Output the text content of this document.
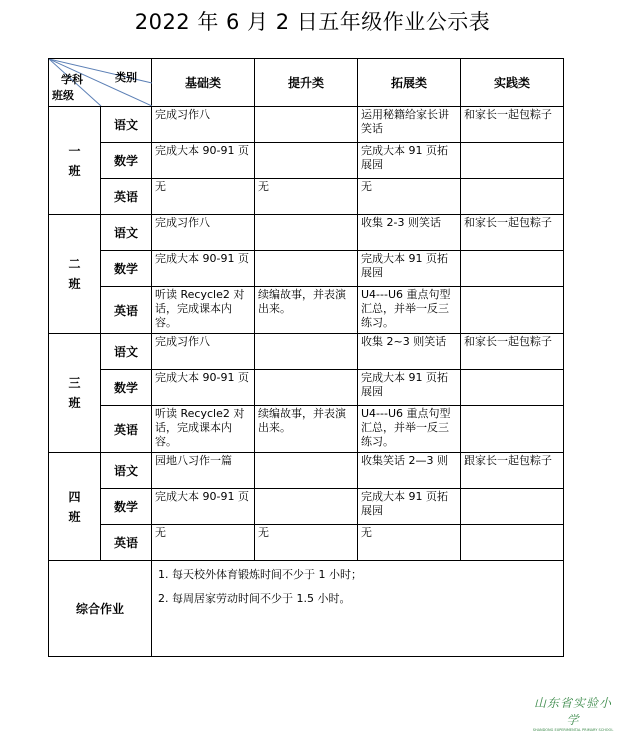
2022 年 6 月 2 日五年级作业公示表
学科 类别
班级		基础类	提升类	拓展类	实践类

一
班	语文	完成习作八		运用秘籍给家长讲笑话	和家长一起包粽子
	数学	完成大本 90-91 页		完成大本 91 页拓展园	
	英语	无	无	无	

二
班	语文	完成习作八		收集 2-3 则笑话	和家长一起包粽子
	数学	完成大本 90-91 页		完成大本 91 页拓展园	
	英语	听读 Recycle2 对话，完成课本内容。	续编故事，并表演出来。	U4---U6 重点句型汇总，并举一反三练习。	

三
班	语文	完成习作八		收集 2~3 则笑话	和家长一起包粽子
	数学	完成大本 90-91 页		完成大本 91 页拓展园	
	英语	听读 Recycle2 对话，完成课本内容。	续编故事，并表演出来。	U4---U6 重点句型汇总，并举一反三练习。	

四
班	语文	园地八习作一篇		收集笑话 2—3 则	跟家长一起包粽子
	数学	完成大本 90-91 页		完成大本 91 页拓展园	
	英语	无	无	无	
综合作业		1. 每天校外体育锻炼时间不少于 1 小时；
2. 每周居家劳动时间不少于 1.5 小时。			
山东省实验小学
SHANDONG EXPERIMENTAL PRIMARY SCHOOL
